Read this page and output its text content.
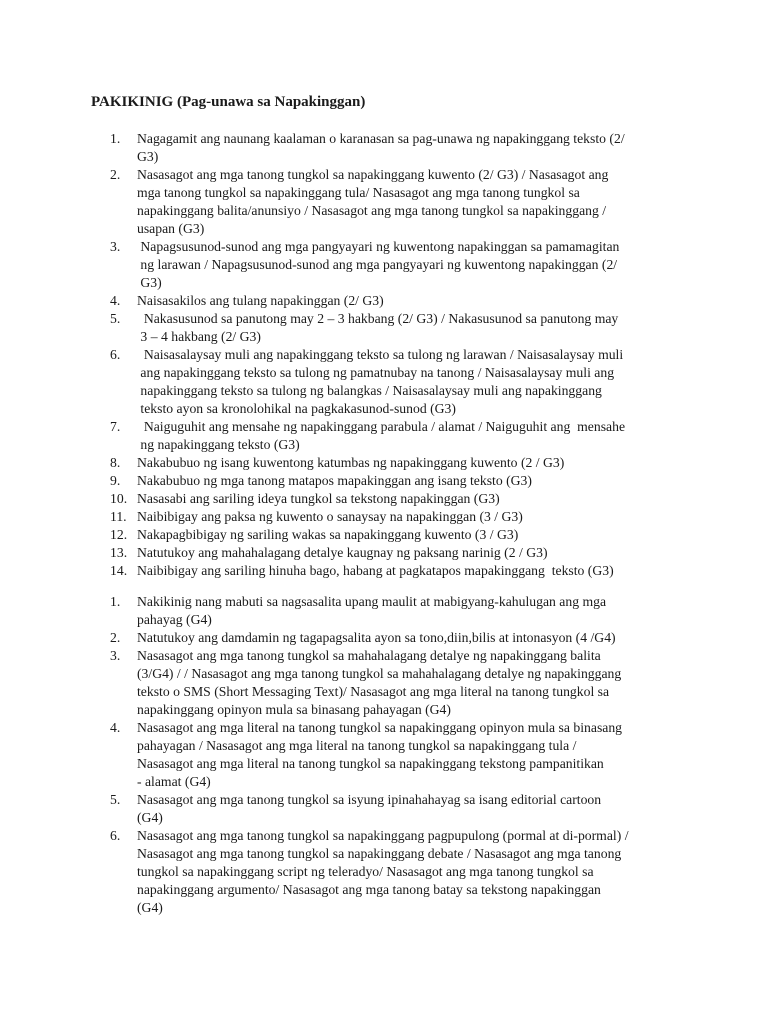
PAKIKINIG (Pag-unawa sa Napakinggan)
1. Nagagamit ang naunang kaalaman o karanasan sa pag-unawa ng napakinggang teksto (2/
G3)
2. Nasasagot ang mga tanong tungkol sa napakinggang kuwento (2/ G3) / Nasasagot ang
mga tanong tungkol sa napakinggang tula/ Nasasagot ang mga tanong tungkol sa
napakinggang balita/anunsiyo / Nasasagot ang mga tanong tungkol sa napakinggang /
usapan (G3)
3. Napagsusunod-sunod ang mga pangyayari ng kuwentong napakinggan sa pamamagitan
ng larawan / Napagsusunod-sunod ang mga pangyayari ng kuwentong napakinggan (2/
G3)
4. Naisasakilos ang tulang napakinggan (2/ G3)
5. Nakasusunod sa panutong may 2 – 3 hakbang (2/ G3) / Nakasusunod sa panutong may
3 – 4 hakbang (2/ G3)
6. Naisasalaysay muli ang napakinggang teksto sa tulong ng larawan / Naisasalaysay muli
ang napakinggang teksto sa tulong ng pamatnubay na tanong / Naisasalaysay muli ang
napakinggang teksto sa tulong ng balangkas / Naisasalaysay muli ang napakinggang
teksto ayon sa kronolohikal na pagkakasunod-sunod (G3)
7. Naiguguhit ang mensahe ng napakinggang parabula / alamat / Naiguguhit ang  mensahe
ng napakinggang teksto (G3)
8. Nakabubuo ng isang kuwentong katumbas ng napakinggang kuwento (2 / G3)
9. Nakabubuo ng mga tanong matapos mapakinggan ang isang teksto (G3)
10. Nasasabi ang sariling ideya tungkol sa tekstong napakinggan (G3)
11. Naibibigay ang paksa ng kuwento o sanaysay na napakinggan (3 / G3)
12. Nakapagbibigay ng sariling wakas sa napakinggang kuwento (3 / G3)
13. Natutukoy ang mahahalagang detalye kaugnay ng paksang narinig (2 / G3)
14. Naibibigay ang sariling hinuha bago, habang at pagkatapos mapakinggang  teksto (G3)
1. Nakikinig nang mabuti sa nagsasalita upang maulit at mabigyang-kahulugan ang mga
pahayag (G4)
2. Natutukoy ang damdamin ng tagapagsalita ayon sa tono,diin,bilis at intonasyon (4 /G4)
3. Nasasagot ang mga tanong tungkol sa mahahalagang detalye ng napakinggang balita
(3/G4) / / Nasasagot ang mga tanong tungkol sa mahahalagang detalye ng napakinggang
teksto o SMS (Short Messaging Text)/ Nasasagot ang mga literal na tanong tungkol sa
napakinggang opinyon mula sa binasang pahayagan (G4)
4. Nasasagot ang mga literal na tanong tungkol sa napakinggang opinyon mula sa binasang
pahayagan / Nasasagot ang mga literal na tanong tungkol sa napakinggang tula /
Nasasagot ang mga literal na tanong tungkol sa napakinggang tekstong pampanitikan
- alamat (G4)
5. Nasasagot ang mga tanong tungkol sa isyung ipinahahayag sa isang editorial cartoon
(G4)
6. Nasasagot ang mga tanong tungkol sa napakinggang pagpupulong (pormal at di-pormal) /
Nasasagot ang mga tanong tungkol sa napakinggang debate / Nasasagot ang mga tanong
tungkol sa napakinggang script ng teleradyo/ Nasasagot ang mga tanong tungkol sa
napakinggang argumento/ Nasasagot ang mga tanong batay sa tekstong napakinggan
(G4)
